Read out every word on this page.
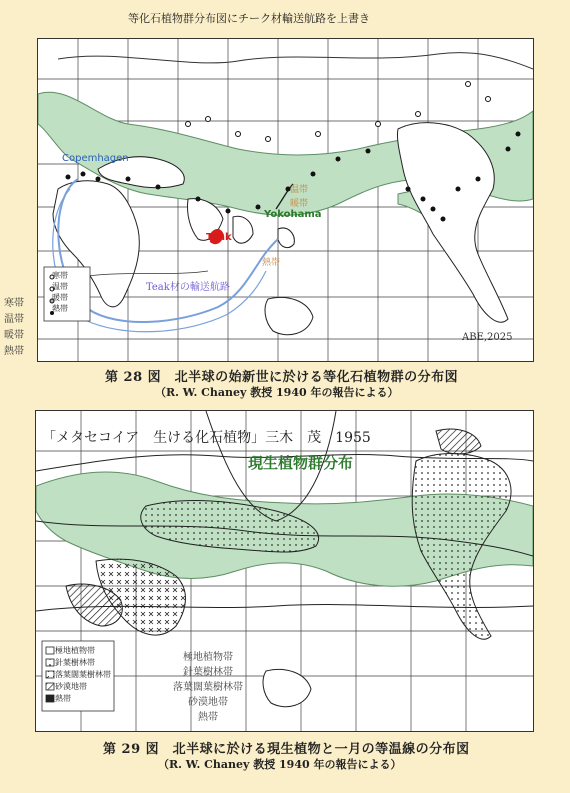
等化石植物群分布図にチーク材輸送航路を上書き
Copemhagen
Yokohama
Teak
温帯
暖帯
熱帯
Teak材の輸送航路
ABE,2025
寒帯
温帯
暖帯
熱帯
寒帯
温帯
暖帯
熱帯
第 28 図　北半球の始新世に於ける等化石植物群の分布図
（R. W. Chaney 教授 1940 年の報告による）
「メタセコイア　生ける化石植物」三木　茂　1955
現生植物群分布
極地植物帯
針葉樹林帯
落葉闊葉樹林帯
砂漠地帯
熱帯
極地植物帯
針葉樹林帯
落葉闊葉樹林帯
砂漠地帯
熱帯
第 29 図　北半球に於ける現生植物と一月の等温線の分布図
（R. W. Chaney 教授 1940 年の報告による）
